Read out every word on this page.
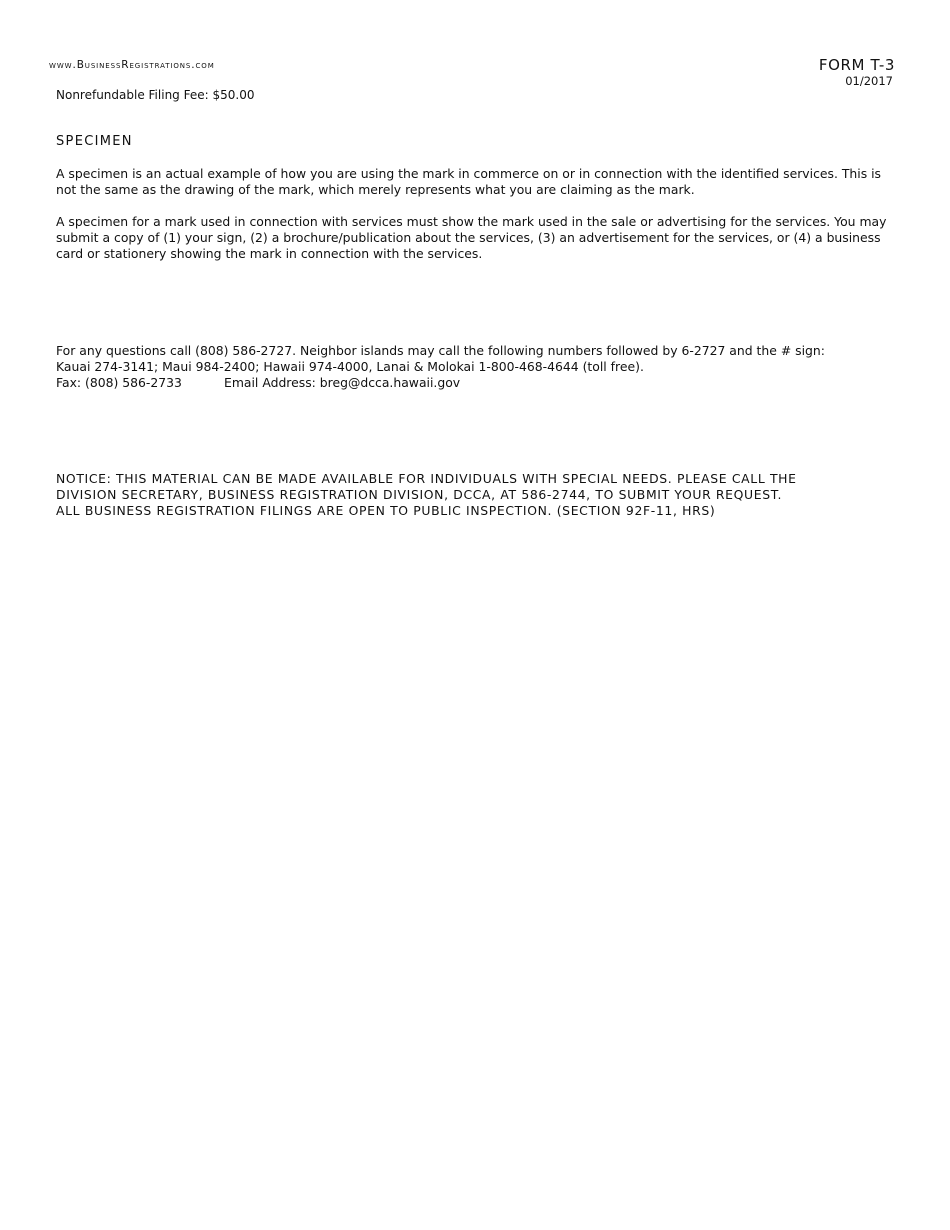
www.BusinessRegistrations.com	FORM T-3
01/2017
Nonrefundable Filing Fee: $50.00
SPECIMEN
A specimen is an actual example of how you are using the mark in commerce on or in connection with the identified services. This is
not the same as the drawing of the mark, which merely represents what you are claiming as the mark.
A specimen for a mark used in connection with services must show the mark used in the sale or advertising for the services. You may
submit a copy of (1) your sign, (2) a brochure/publication about the services, (3) an advertisement for the services, or (4) a business
card or stationery showing the mark in connection with the services.
For any questions call (808) 586-2727. Neighbor islands may call the following numbers followed by 6-2727 and the # sign:
Kauai 274-3141; Maui 984-2400; Hawaii 974-4000, Lanai & Molokai 1-800-468-4644 (toll free).
Fax: (808) 586-2733	Email Address: breg@dcca.hawaii.gov
NOTICE: THIS MATERIAL CAN BE MADE AVAILABLE FOR INDIVIDUALS WITH SPECIAL NEEDS. PLEASE CALL THE
DIVISION SECRETARY, BUSINESS REGISTRATION DIVISION, DCCA, AT 586-2744, TO SUBMIT YOUR REQUEST.
ALL BUSINESS REGISTRATION FILINGS ARE OPEN TO PUBLIC INSPECTION. (SECTION 92F-11, HRS)
